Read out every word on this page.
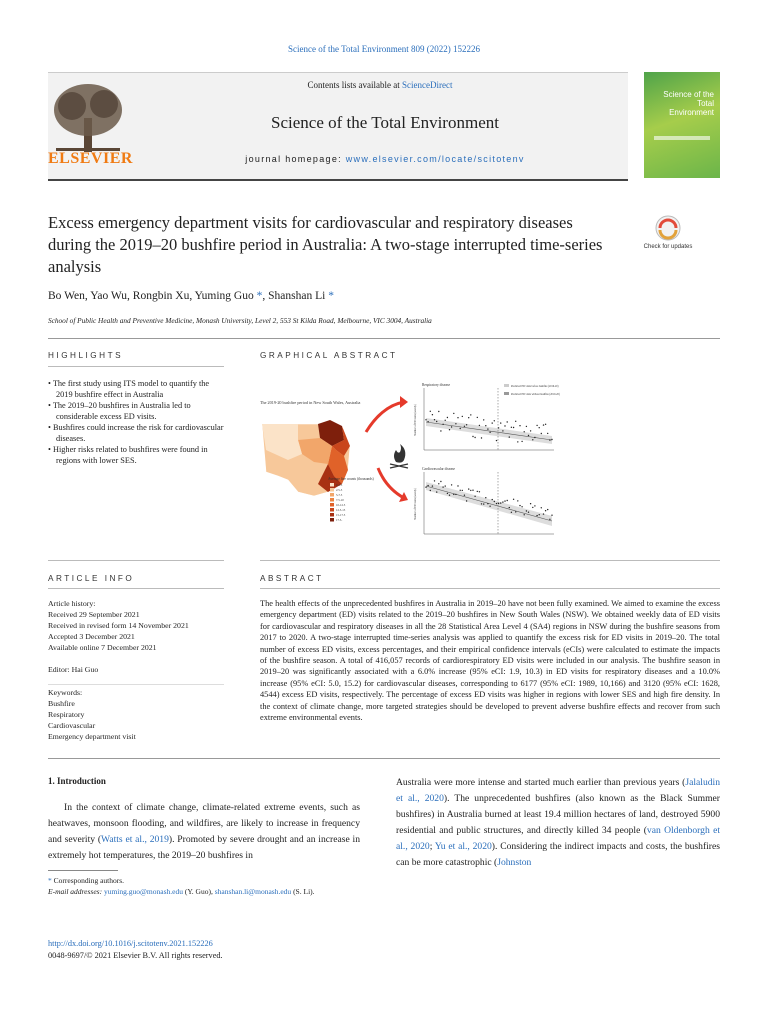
Science of the Total Environment 809 (2022) 152226
ELSEVIER
Contents lists available at ScienceDirect
Science of the Total Environment
journal homepage: www.elsevier.com/locate/scitotenv
Science of the Total Environment
Excess emergency department visits for cardiovascular and respiratory diseases during the 2019–20 bushfire period in Australia: A two-stage interrupted time-series analysis
Check for updates
Bo Wen, Yao Wu, Rongbin Xu, Yuming Guo *, Shanshan Li *
School of Public Health and Preventive Medicine, Monash University, Level 2, 553 St Kilda Road, Melbourne, VIC 3004, Australia
HIGHLIGHTS
• The first study using ITS model to quantify the 2019 bushfire effect in Australia
• The 2019–20 bushfires in Australia led to considerable excess ED visits.
• Bushfires could increase the risk for cardiovascular diseases.
• Higher risks related to bushfires were found in regions with lower SES.
GRAPHICAL ABSTRACT
The 2019-20 bushfire period in New South Wales, Australia
Average fire counts (thousands)
0-2.5
2.5-5
5-7.5
7.5-10
10-12.5
12.5-15
15-17.5
17.5-
Respiratory disease	Predicted ED visits before bushfire (2019-20)
Predicted ED visits without bushfire (2019-20)
Cardiovascular disease
Number of ED visits (weekly)
Number of ED visits (weekly)
ARTICLE INFO
Article history:
Received 29 September 2021
Received in revised form 14 November 2021
Accepted 3 December 2021
Available online 7 December 2021
Editor: Hai Guo
Keywords:
Bushfire
Respiratory
Cardiovascular
Emergency department visit
ABSTRACT
The health effects of the unprecedented bushfires in Australia in 2019–20 have not been fully examined. We aimed to examine the excess emergency department (ED) visits related to the 2019–20 bushfires in New South Wales (NSW). We obtained weekly data of ED visits for cardiovascular and respiratory diseases in all the 28 Statistical Area Level 4 (SA4) regions in NSW during the bushfire seasons from 2017 to 2020. A two-stage interrupted time-series analysis was applied to quantify the excess risk for ED visits in 2019–20. The total number of excess ED visits, excess percentages, and their empirical confidence intervals (eCIs) were calculated to estimate the impacts of the bushfire season. A total of 416,057 records of cardiorespiratory ED visits were included in our analysis. The bushfire season in 2019–20 was significantly associated with a 6.0% increase (95% eCI: 1.9, 10.3) in ED visits for respiratory diseases and a 10.0% increase (95% eCI: 5.0, 15.2) for cardiovascular diseases, corresponding to 6177 (95% eCI: 1989, 10,166) and 3120 (95% eCI: 1628, 4544) excess ED visits, respectively. The percentage of excess ED visits was higher in regions with lower SES and high fire density. In the context of climate change, more targeted strategies should be developed to prevent adverse bushfire effects and recover from such extreme environmental events.
1. Introduction
In the context of climate change, climate-related extreme events, such as heatwaves, monsoon flooding, and wildfires, are likely to increase in frequency and severity (Watts et al., 2019). Promoted by severe drought and an increase in extremely hot temperatures, the 2019–20 bushfires in
Australia were more intense and started much earlier than previous years (Jalaludin et al., 2020). The unprecedented bushfires (also known as the Black Summer bushfires) in Australia burned at least 19.4 million hectares of land, destroyed 5900 residential and public structures, and directly killed 34 people (van Oldenborgh et al., 2020; Yu et al., 2020). Considering the indirect impacts and costs, the bushfires can be more catastrophic (Johnston
* Corresponding authors.
E-mail addresses: yuming.guo@monash.edu (Y. Guo), shanshan.li@monash.edu (S. Li).
http://dx.doi.org/10.1016/j.scitotenv.2021.152226
0048-9697/© 2021 Elsevier B.V. All rights reserved.
